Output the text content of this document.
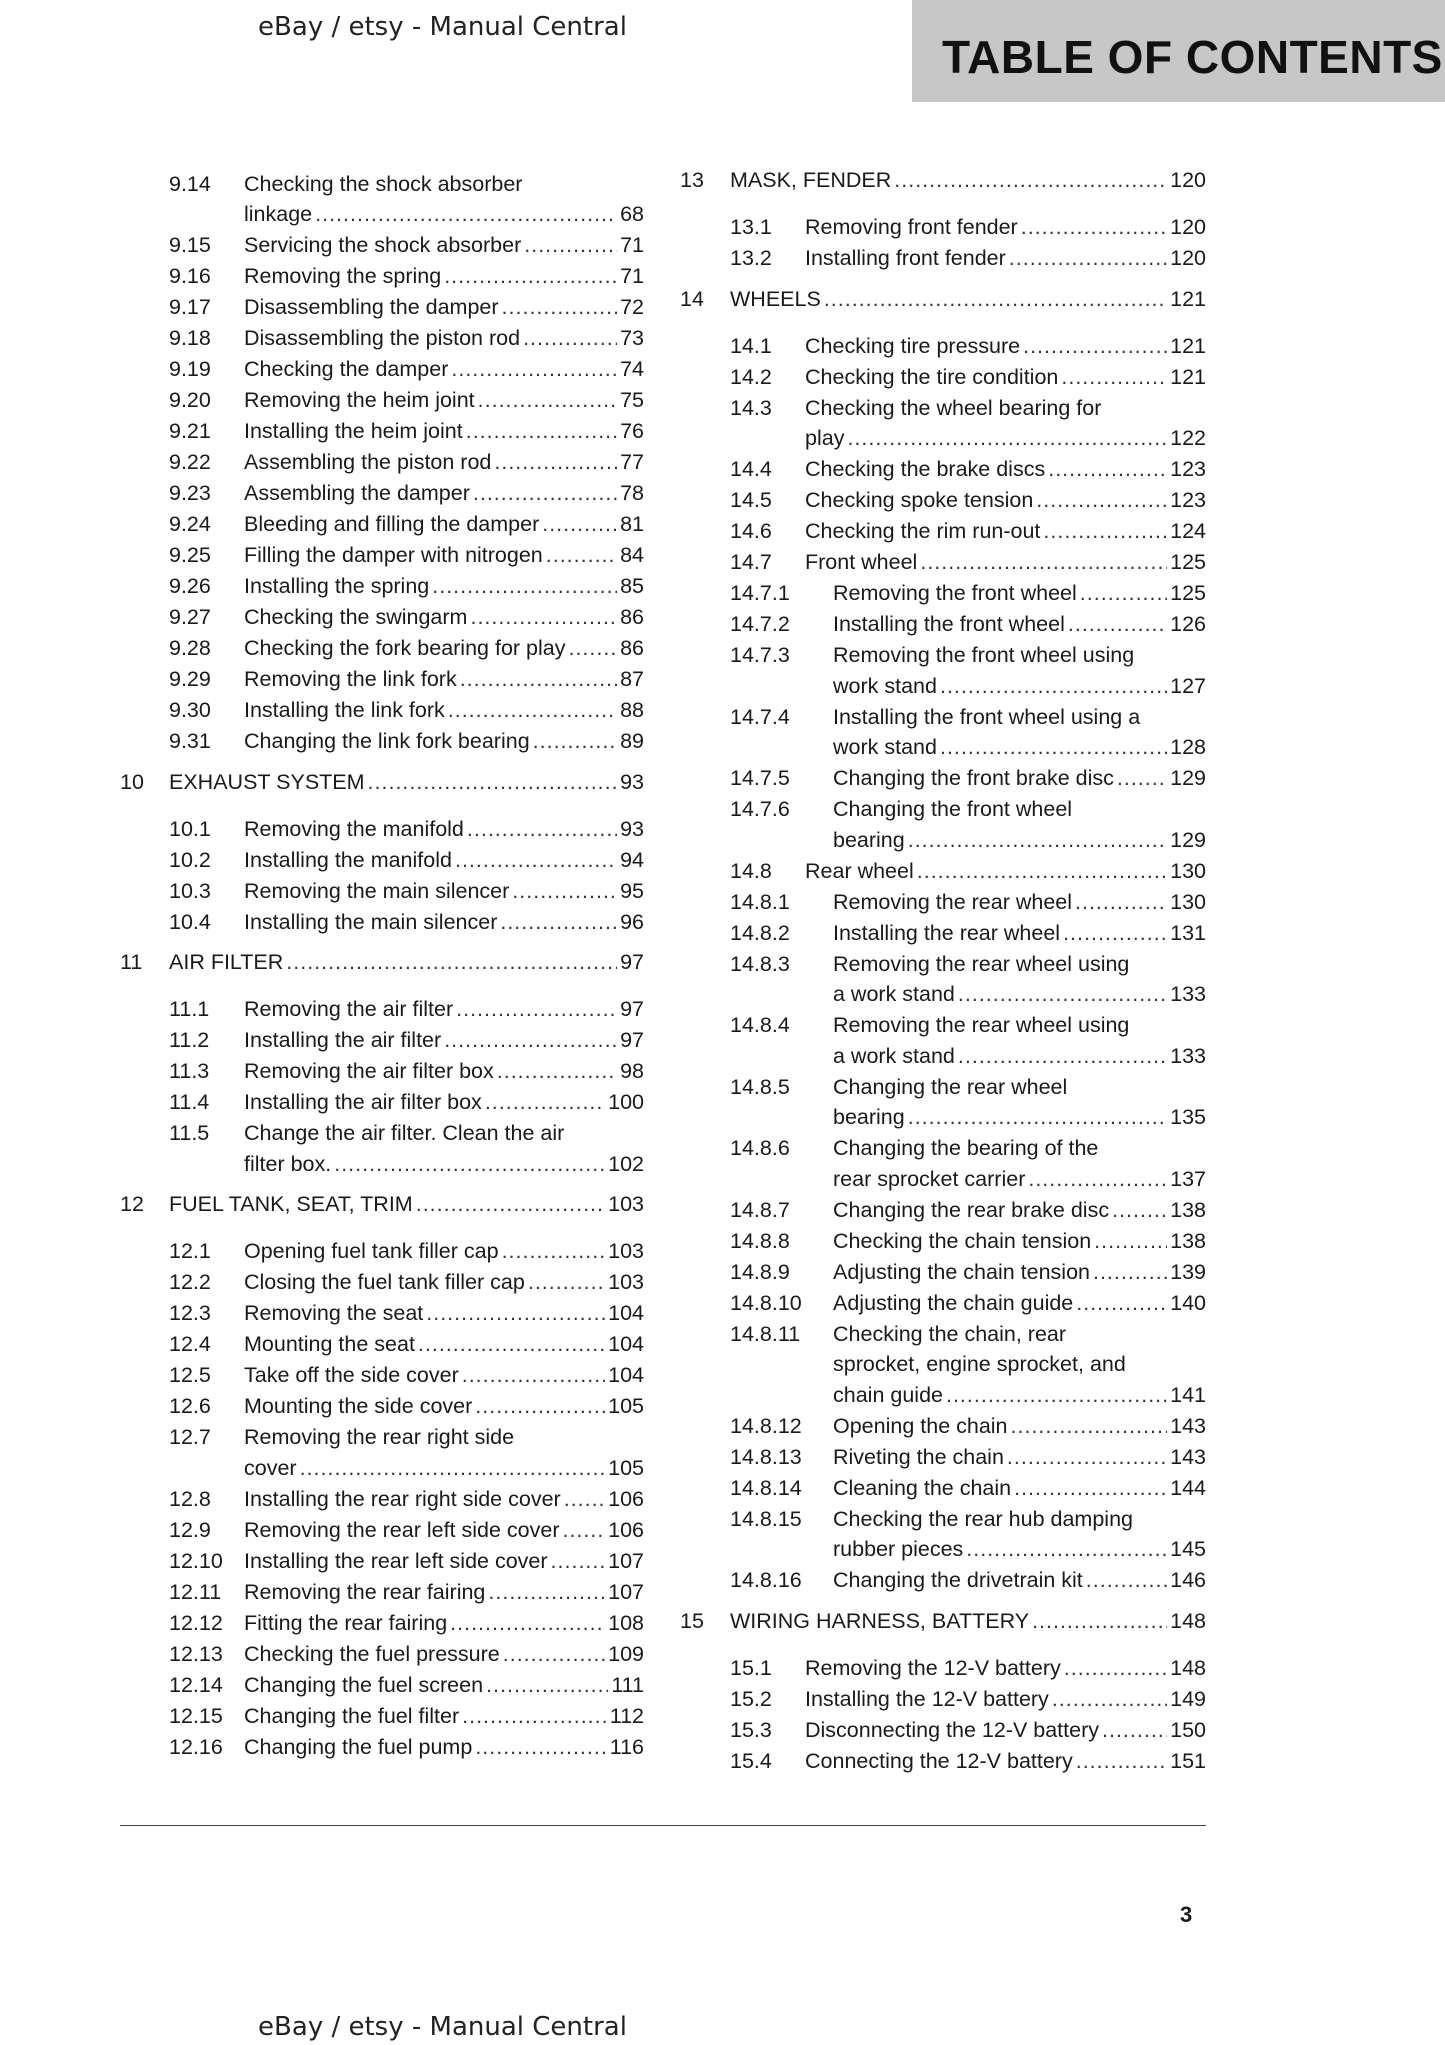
eBay / etsy - Manual Central
TABLE OF CONTENTS
9.14 Checking the shock absorber
linkage .....	68
9.15 Servicing the shock absorber .....	71
9.16 Removing the spring .....	71
9.17 Disassembling the damper .....	72
9.18 Disassembling the piston rod .....	73
9.19 Checking the damper .....	74
9.20 Removing the heim joint .....	75
9.21 Installing the heim joint .....	76
9.22 Assembling the piston rod .....	77
9.23 Assembling the damper .....	78
9.24 Bleeding and filling the damper .....	81
9.25 Filling the damper with nitrogen .....	84
9.26 Installing the spring .....	85
9.27 Checking the swingarm .....	86
9.28 Checking the fork bearing for play .....	86
9.29 Removing the link fork .....	87
9.30 Installing the link fork .....	88
9.31 Changing the link fork bearing .....	89
10 EXHAUST SYSTEM .....	93
10.1 Removing the manifold .....	93
10.2 Installing the manifold .....	94
10.3 Removing the main silencer .....	95
10.4 Installing the main silencer .....	96
11 AIR FILTER .....	97
11.1 Removing the air filter .....	97
11.2 Installing the air filter .....	97
11.3 Removing the air filter box .....	98
11.4 Installing the air filter box .....	100
11.5 Change the air filter. Clean the air
filter box. .....	102
12 FUEL TANK, SEAT, TRIM .....	103
12.1 Opening fuel tank filler cap .....	103
12.2 Closing the fuel tank filler cap .....	103
12.3 Removing the seat .....	104
12.4 Mounting the seat .....	104
12.5 Take off the side cover .....	104
12.6 Mounting the side cover .....	105
12.7 Removing the rear right side
cover .....	105
12.8 Installing the rear right side cover ..... 106
12.9 Removing the rear left side cover ..... 106
12.10 Installing the rear left side cover .....	107
12.11 Removing the rear fairing .....	107
12.12 Fitting the rear fairing .....	108
12.13 Checking the fuel pressure .....	109
12.14 Changing the fuel screen .....	111
12.15 Changing the fuel filter .....	112
12.16 Changing the fuel pump .....	116
13 MASK, FENDER .....	120
13.1 Removing front fender .....	120
13.2 Installing front fender .....	120
14 WHEELS .....	121
14.1 Checking tire pressure .....	121
14.2 Checking the tire condition .....	121
14.3 Checking the wheel bearing for
play .....	122
14.4 Checking the brake discs .....	123
14.5 Checking spoke tension .....	123
14.6 Checking the rim run-out .....	124
14.7 Front wheel .....	125
14.7.1 Removing the front wheel .....	125
14.7.2 Installing the front wheel .....	126
14.7.3 Removing the front wheel using
work stand .....	127
14.7.4 Installing the front wheel using a
work stand .....	128
14.7.5 Changing the front brake disc .....	129
14.7.6 Changing the front wheel
bearing .....	129
14.8 Rear wheel .....	130
14.8.1 Removing the rear wheel .....	130
14.8.2 Installing the rear wheel .....	131
14.8.3 Removing the rear wheel using
a work stand .....	133
14.8.4 Removing the rear wheel using
a work stand .....	133
14.8.5 Changing the rear wheel
bearing .....	135
14.8.6 Changing the bearing of the
rear sprocket carrier .....	137
14.8.7 Changing the rear brake disc .....	138
14.8.8 Checking the chain tension .....	138
14.8.9 Adjusting the chain tension .....	139
14.8.10 Adjusting the chain guide .....	140
14.8.11 Checking the chain, rear
sprocket, engine sprocket, and
chain guide .....	141
14.8.12 Opening the chain .....	143
14.8.13 Riveting the chain .....	143
14.8.14 Cleaning the chain .....	144
14.8.15 Checking the rear hub damping
rubber pieces .....	145
14.8.16 Changing the drivetrain kit .....	146
15 WIRING HARNESS, BATTERY .....	148
15.1 Removing the 12-V battery .....	148
15.2 Installing the 12-V battery .....	149
15.3 Disconnecting the 12-V battery .....	150
15.4 Connecting the 12-V battery .....	151
3
eBay / etsy - Manual Central
